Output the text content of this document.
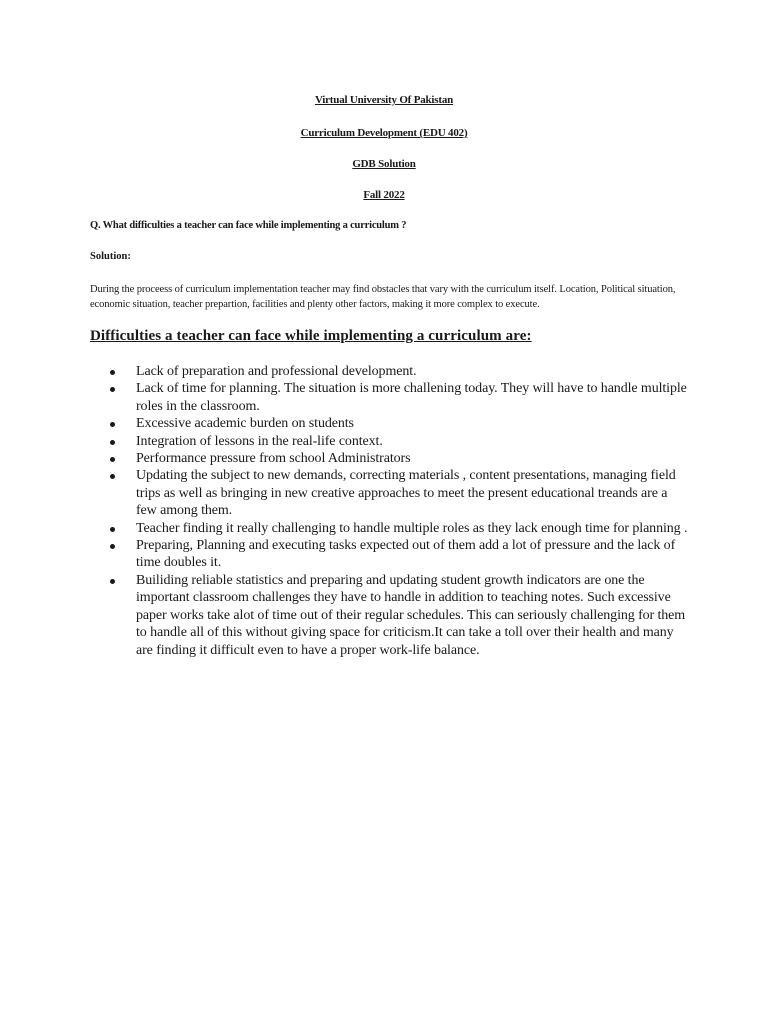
Virtual University Of Pakistan
Curriculum Development (EDU 402)
GDB Solution
Fall 2022
Q. What difficulties a teacher can face while implementing a curriculum ?
Solution:
During the proceess of curriculum implementation teacher may find obstacles that vary with the curriculum itself. Location, Political situation, economic situation, teacher prepartion, facilities and plenty other factors, making it more complex to execute.
Difficulties a teacher can face while implementing a curriculum are:
Lack of preparation and professional development.
Lack of time for planning. The situation is more challening today. They will have to handle multiple roles in the classroom.
Excessive academic burden on students
Integration of lessons in the real-life context.
Performance pressure from school Administrators
Updating the subject to new demands, correcting materials , content presentations, managing field trips as well as bringing in new creative approaches to meet the present educational treands are a few among them.
Teacher finding it really challenging to handle multiple roles as they lack enough time for planning .
Preparing, Planning and executing tasks expected out of them add a lot of pressure and the lack of time doubles it.
Builiding reliable statistics and preparing and updating student growth indicators are one the important classroom challenges they have to handle in addition to teaching notes. Such excessive paper works take alot of time out of their regular schedules. This can seriously challenging for them to handle all of this without giving space for criticism.It can take a toll over their health and many are finding it difficult even to have a proper work-life balance.
